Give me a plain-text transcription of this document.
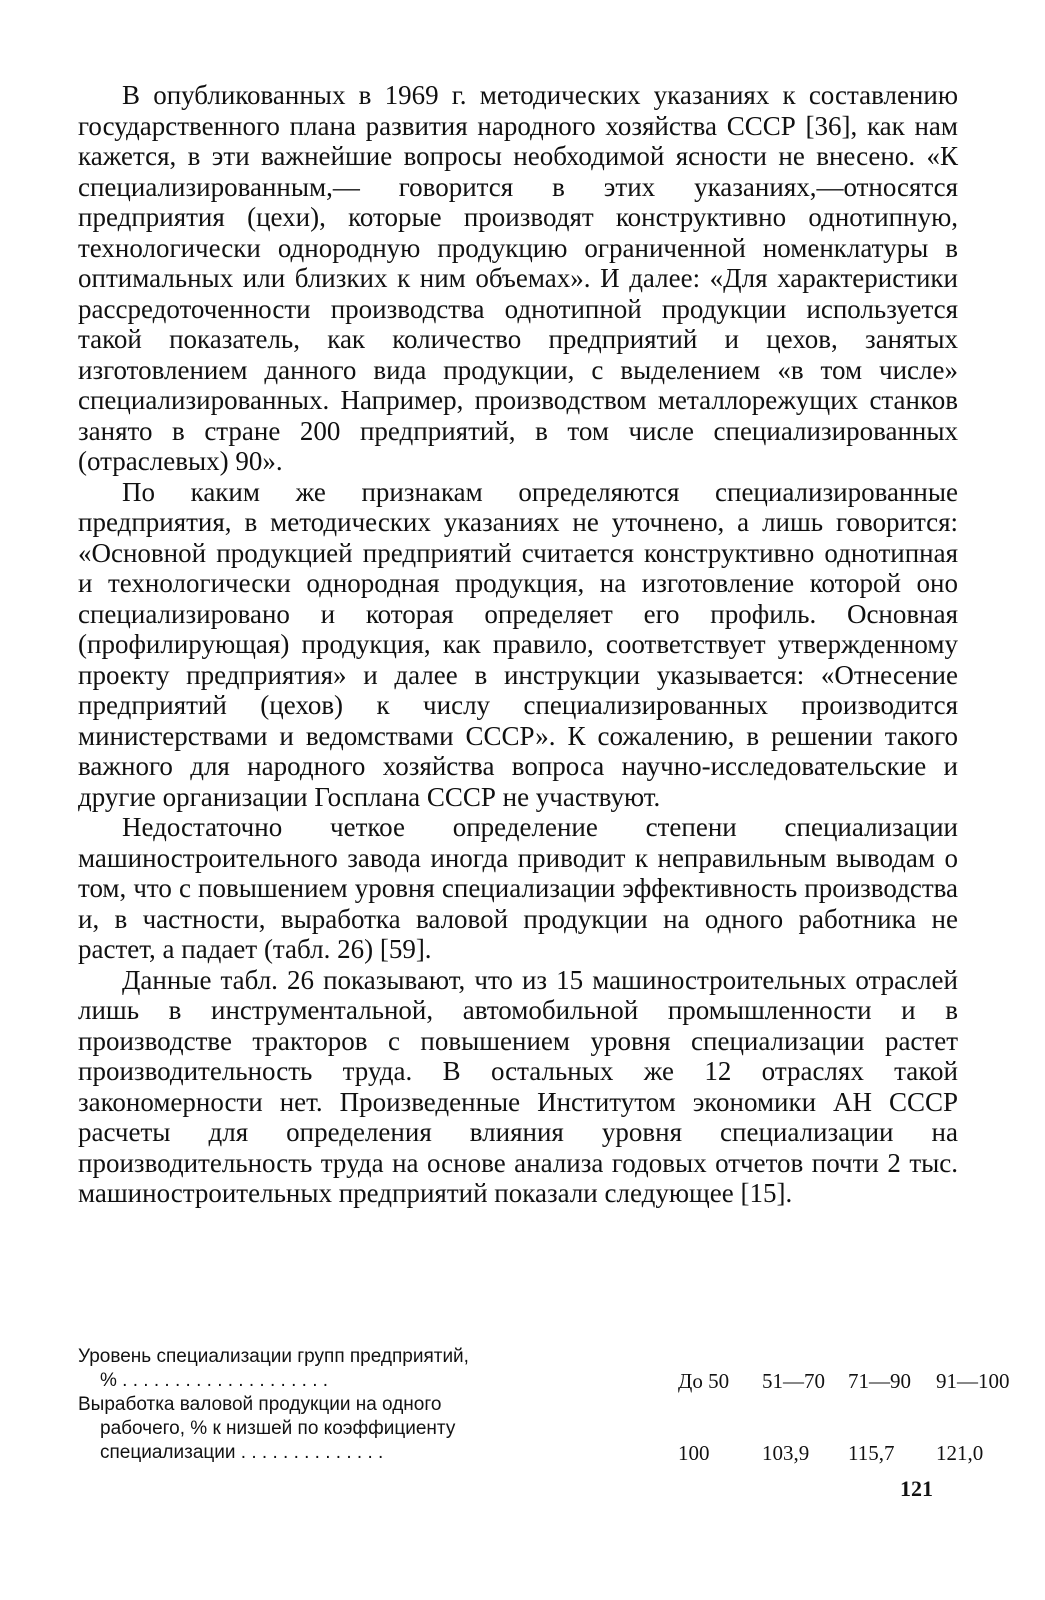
В опубликованных в 1969 г. методических указаниях к составлению государственного плана развития народного хозяйства СССР [36], как нам кажется, в эти важнейшие вопросы необходимой ясности не внесено. «К специализированным,— говорится в этих указаниях,—относятся предприятия (цехи), которые производят конструктивно однотипную, технологически однородную продукцию ограниченной номенклатуры в оптимальных или близких к ним объемах». И далее: «Для характеристики рассредоточенности производства однотипной продукции используется такой показатель, как количество предприятий и цехов, занятых изготовлением данного вида продукции, с выделением «в том числе» специализированных. Например, производством металлорежущих станков занято в стране 200 предприятий, в том числе специализированных (отраслевых) 90».

По каким же признакам определяются специализированные предприятия, в методических указаниях не уточнено, а лишь говорится: «Основной продукцией предприятий считается конструктивно однотипная и технологически однородная продукция, на изготовление которой оно специализировано и которая определяет его профиль. Основная (профилирующая) продукция, как правило, соответствует утвержденному проекту предприятия» и далее в инструкции указывается: «Отнесение предприятий (цехов) к числу специализированных производится министерствами и ведомствами СССР». К сожалению, в решении такого важного для народного хозяйства вопроса научно-исследовательские и другие организации Госплана СССР не участвуют.

Недостаточно четкое определение степени специализации машиностроительного завода иногда приводит к неправильным выводам о том, что с повышением уровня специализации эффективность производства и, в частности, выработка валовой продукции на одного работника не растет, а падает (табл. 26) [59].

Данные табл. 26 показывают, что из 15 машиностроительных отраслей лишь в инструментальной, автомобильной промышленности и в производстве тракторов с повышением уровня специализации растет производительность труда. В остальных же 12 отраслях такой закономерности нет. Произведенные Институтом экономики АН СССР расчеты для определения влияния уровня специализации на производительность труда на основе анализа годовых отчетов почти 2 тыс. машиностроительных предприятий показали следующее [15].

Уровень специализации групп предприятий,
% . . . . . . . . . . . . . . . . . . . .	До 50	51—70	71—90	91—100
Выработка валовой продукции на одного
рабочего, % к низшей по коэффициенту
специализации . . . . . . . . . . . . . .	100	103,9	115,7	121,0
121
